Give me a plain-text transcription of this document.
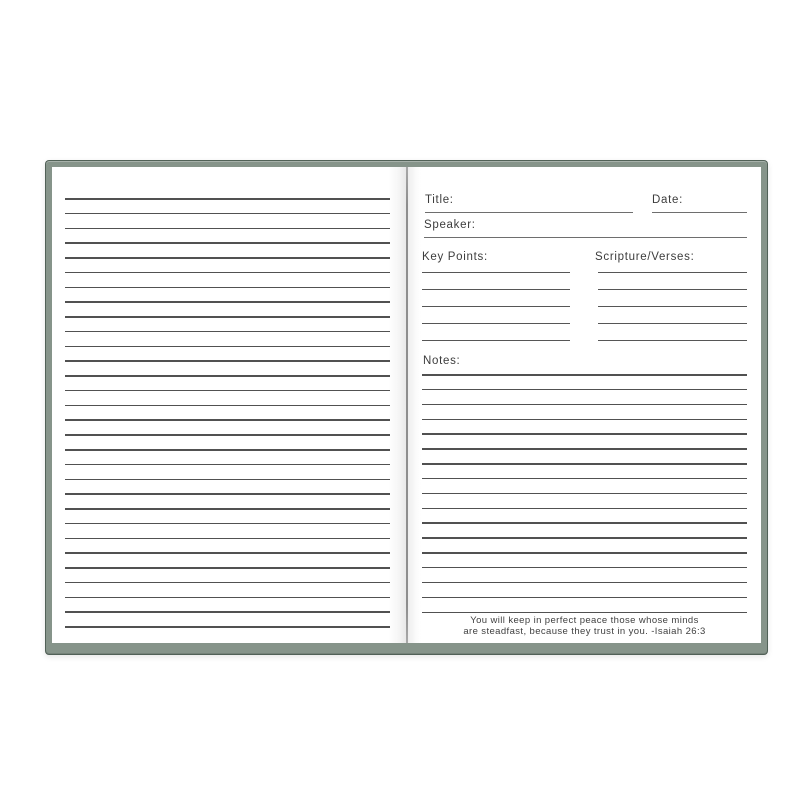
Title:	Date:
Speaker:
Key Points:	Scripture/Verses:
Notes:
You will keep in perfect peace those whose minds
are steadfast, because they trust in you. -Isaiah 26:3
